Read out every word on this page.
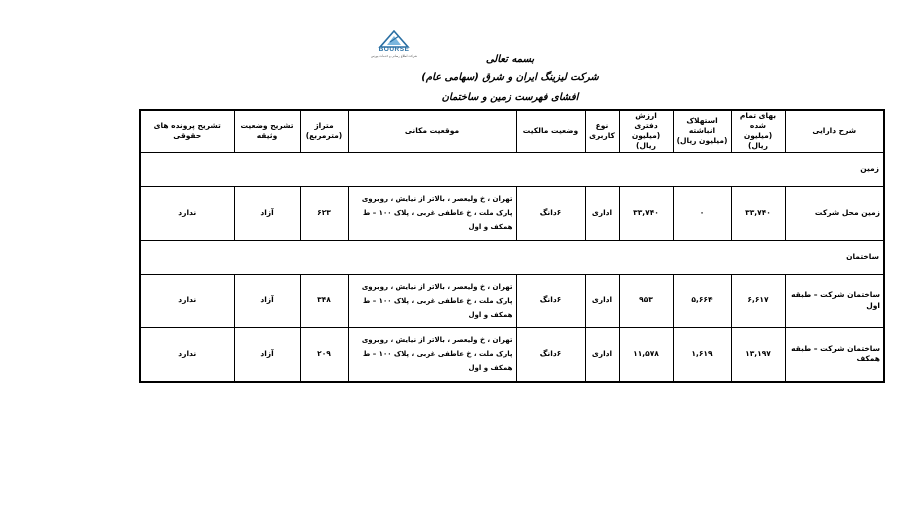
BOURSE
شرکت اطلاع رسانی و خدمات بورس	بسمه تعالی
شرکت لیزینگ ایران و شرق (سهامی عام)
افشای فهرست زمین و ساختمان
شرح دارایی	بهای تمام شده (میلیون ریال)	استهلاک انباشته (میلیون ریال)	ارزش دفتری (میلیون ریال)	نوع کاربری	وضعیت مالکیت	موقعیت مکانی	متراژ (مترمربع)	تشریح وضعیت وثیقه	تشریح پرونده های حقوقی
زمین									
زمین محل شرکت	۳۳,۷۴۰	۰	۳۳,۷۴۰	اداری	۶دانگ	تهران ، خ ولیعصر ، بالاتر از نیایش ، روبروی پارک ملت ، خ عاطفی غربی ، پلاک ۱۰۰ – ط همکف و اول	۶۲۳	آزاد	ندارد
ساختمان									
ساختمان شرکت – طبقه اول	۶,۶۱۷	۵,۶۶۴	۹۵۳	اداری	۶دانگ	تهران ، خ ولیعصر ، بالاتر از نیایش ، روبروی پارک ملت ، خ عاطفی غربی ، پلاک ۱۰۰ – ط همکف و اول	۳۴۸	آزاد	ندارد
ساختمان شرکت – طبقه همکف	۱۳,۱۹۷	۱,۶۱۹	۱۱,۵۷۸	اداری	۶دانگ	تهران ، خ ولیعصر ، بالاتر از نیایش ، روبروی پارک ملت ، خ عاطفی غربی ، پلاک ۱۰۰ – ط همکف و اول	۲۰۹	آزاد	ندارد
